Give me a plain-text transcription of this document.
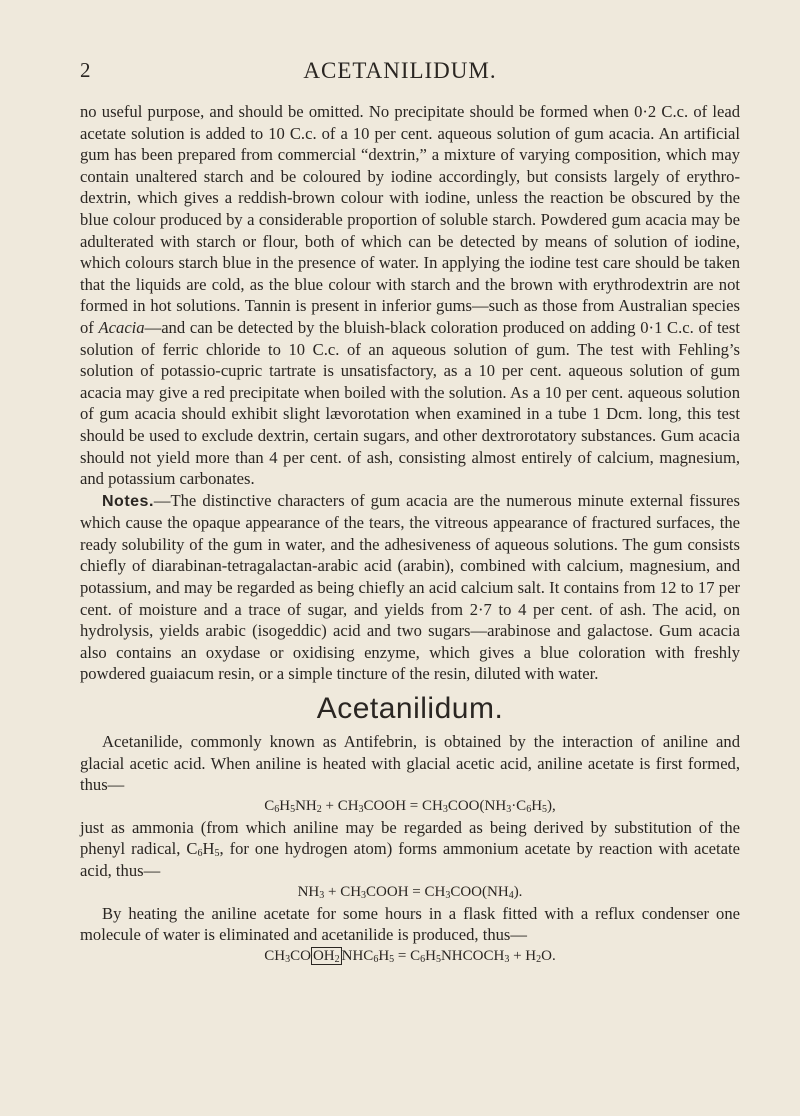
2	ACETANILIDUM.

no useful purpose, and should be omitted. No precipitate should be formed when 0·2 C.c. of lead acetate solution is added to 10 C.c. of a 10 per cent. aqueous solution of gum acacia. An artificial gum has been prepared from commercial “dextrin,” a mixture of varying composition, which may contain unaltered starch and be coloured by iodine accordingly, but consists largely of erythro-dextrin, which gives a reddish-brown colour with iodine, unless the reaction be obscured by the blue colour produced by a considerable proportion of soluble starch. Powdered gum acacia may be adulterated with starch or flour, both of which can be detected by means of solution of iodine, which colours starch blue in the presence of water. In applying the iodine test care should be taken that the liquids are cold, as the blue colour with starch and the brown with erythrodextrin are not formed in hot solutions. Tannin is present in inferior gums—such as those from Australian species of Acacia—and can be detected by the bluish-black coloration produced on adding 0·1 C.c. of test solution of ferric chloride to 10 C.c. of an aqueous solution of gum. The test with Fehling’s solution of potassio-cupric tartrate is unsatisfactory, as a 10 per cent. aqueous solution of gum acacia may give a red precipitate when boiled with the solution. As a 10 per cent. aqueous solution of gum acacia should exhibit slight lævorotation when examined in a tube 1 Dcm. long, this test should be used to exclude dextrin, certain sugars, and other dextrorotatory substances. Gum acacia should not yield more than 4 per cent. of ash, consisting almost entirely of calcium, magnesium, and potassium carbonates.

Notes.—The distinctive characters of gum acacia are the numerous minute external fissures which cause the opaque appearance of the tears, the vitreous appearance of fractured surfaces, the ready solubility of the gum in water, and the adhesiveness of aqueous solutions. The gum consists chiefly of diarabinan-tetragalactan-arabic acid (arabin), combined with calcium, magnesium, and potassium, and may be regarded as being chiefly an acid calcium salt. It contains from 12 to 17 per cent. of moisture and a trace of sugar, and yields from 2·7 to 4 per cent. of ash. The acid, on hydrolysis, yields arabic (isogeddic) acid and two sugars—arabinose and galactose. Gum acacia also contains an oxydase or oxidising enzyme, which gives a blue coloration with freshly powdered guaiacum resin, or a simple tincture of the resin, diluted with water.

Acetanilidum.

Acetanilide, commonly known as Antifebrin, is obtained by the interaction of aniline and glacial acetic acid. When aniline is heated with glacial acetic acid, aniline acetate is first formed, thus—

$C_6H_5NH_2$ + $CH_3COOH = CH_3COO(NH_3\cdot C_6H_5)$,

just as ammonia (from which aniline may be regarded as being derived by substitution of the phenyl radical, $C_6H_5$, for one hydrogen atom) forms ammonium acetate by reaction with acetate acid, thus—

$NH_3$ + $CH_3COOH = CH_3COO(NH_4)$.

By heating the aniline acetate for some hours in a flask fitted with a reflux condenser one molecule of water is eliminated and acetanilide is produced, thus—

$CH_3CO$ $OH_2$ $NHC_6H_5$ = $C_6H_5NHCOCH_3 + H_2O$.
